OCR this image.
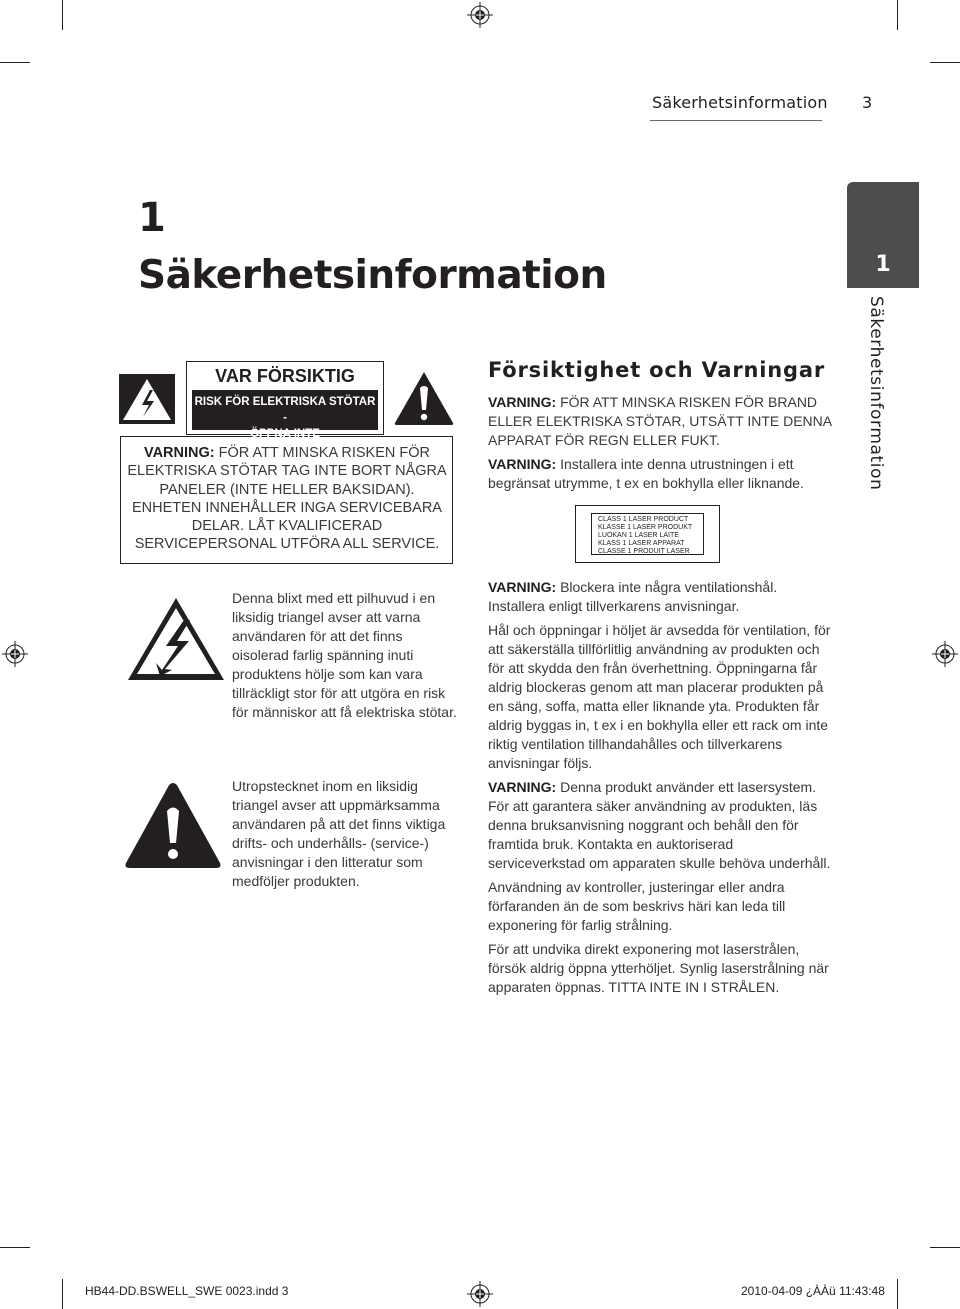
Säkerhetsinformation 3
1
Säkerhetsinformation	1
Säkerhetsinformation
VAR FÖRSIKTIG
RISK FÖR ELEKTRISKA STÖTAR -
ÖPPNA INTE
VARNING: FÖR ATT MINSKA RISKEN FÖR ELEKTRISKA STÖTAR TAG INTE BORT NÅGRA PANELER (INTE HELLER BAKSIDAN). ENHETEN INNEHÅLLER INGA SERVICEBARA DELAR. LÅT KVALIFICERAD SERVICEPERSONAL UTFÖRA ALL SERVICE.
Denna blixt med ett pilhuvud i en liksidig triangel avser att varna användaren för att det finns oisolerad farlig spänning inuti produktens hölje som kan vara tillräckligt stor för att utgöra en risk för människor att få elektriska stötar.
Utropstecknet inom en liksidig triangel avser att uppmärksamma användaren på att det finns viktiga drifts- och underhålls- (service-) anvisningar i den litteratur som medföljer produkten.
Försiktighet och Varningar

VARNING: FÖR ATT MINSKA RISKEN FÖR BRAND ELLER ELEKTRISKA STÖTAR, UTSÄTT INTE DENNA APPARAT FÖR REGN ELLER FUKT.

VARNING: Installera inte denna utrustningen i ett begränsat utrymme, t ex en bokhylla eller liknande.

CLASS 1 LASER PRODUCT
KLASSE 1 LASER PRODUKT
LUOKAN 1 LASER LAITE
KLASS 1 LASER APPARAT
CLASSE 1 PRODUIT LASER

VARNING: Blockera inte några ventilationshål. Installera enligt tillverkarens anvisningar.

Hål och öppningar i höljet är avsedda för ventilation, för att säkerställa tillförlitlig användning av produkten och för att skydda den från överhettning. Öppningarna får aldrig blockeras genom att man placerar produkten på en säng, soffa, matta eller liknande yta. Produkten får aldrig byggas in, t ex i en bokhylla eller ett rack om inte riktig ventilation tillhandahålles och tillverkarens anvisningar följs.

VARNING: Denna produkt använder ett lasersystem. För att garantera säker användning av produkten, läs denna bruksanvisning noggrant och behåll den för framtida bruk. Kontakta en auktoriserad serviceverkstad om apparaten skulle behöva underhåll.

Användning av kontroller, justeringar eller andra förfaranden än de som beskrivs häri kan leda till exponering för farlig strålning.

För att undvika direkt exponering mot laserstrålen, försök aldrig öppna ytterhöljet. Synlig laserstrålning när apparaten öppnas. TITTA INTE IN I STRÅLEN.

HB44-DD.BSWELL_SWE 0023.indd 3	2010-04-09 ¿ÀÀü 11:43:48
